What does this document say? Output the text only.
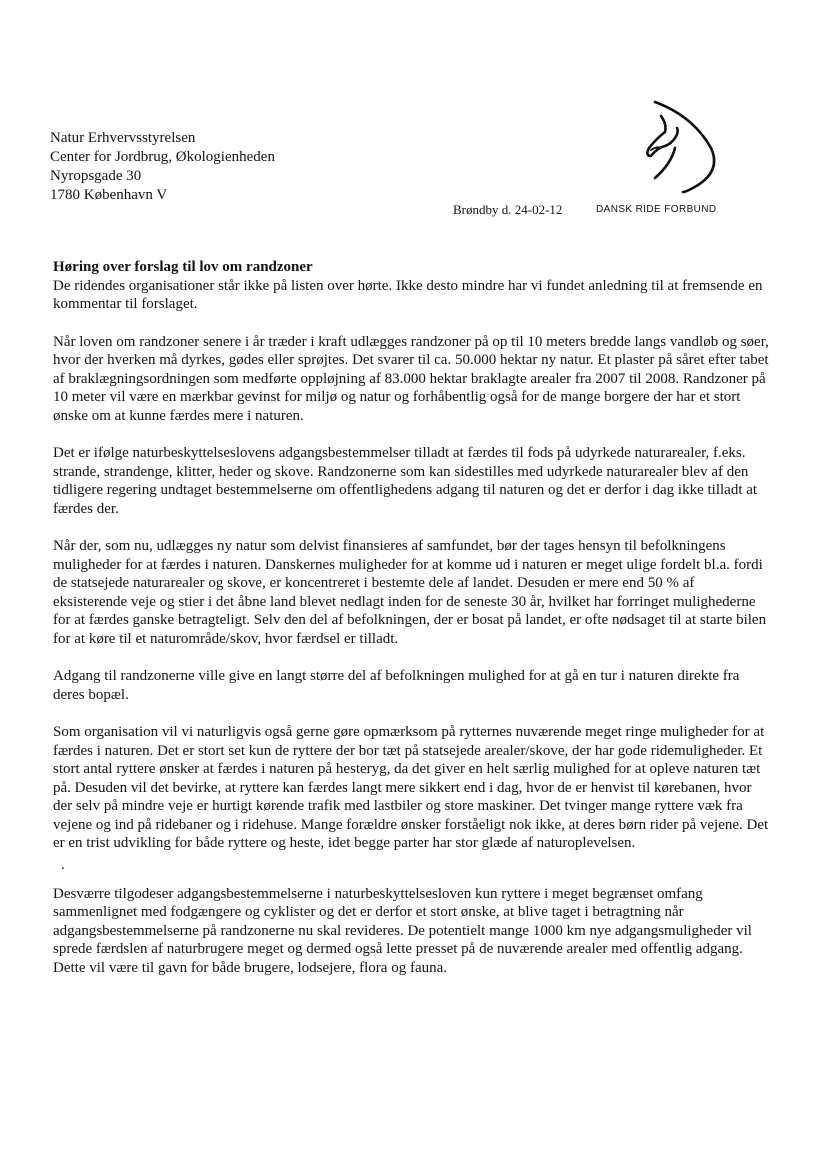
Natur Erhvervsstyrelsen
Center for Jordbrug, Økologienheden
Nyropsgade 30
1780 København V
Brøndby d. 24-02-12	DANSK RIDE FORBUND
Høring over forslag til lov om randzoner

De ridendes organisationer står ikke på listen over hørte. Ikke desto mindre har vi fundet anledning til at fremsende en kommentar til forslaget.

Når loven om randzoner senere i år træder i kraft udlægges randzoner på op til 10 meters bredde langs vandløb og søer, hvor der hverken må dyrkes, gødes eller sprøjtes. Det svarer til ca. 50.000 hektar ny natur. Et plaster på såret efter tabet af braklægningsordningen som medførte oppløjning af 83.000 hektar braklagte arealer fra 2007 til 2008. Randzoner på 10 meter vil være en mærkbar gevinst for miljø og natur og forhåbentlig også for de mange borgere der har et stort ønske om at kunne færdes mere i naturen.

Det er ifølge naturbeskyttelseslovens adgangsbestemmelser tilladt at færdes til fods på udyrkede naturarealer, f.eks. strande, strandenge, klitter, heder og skove. Randzonerne som kan sidestilles med udyrkede naturarealer blev af den tidligere regering undtaget bestemmelserne om offentlighedens adgang til naturen og det er derfor i dag ikke tilladt at færdes der.

Når der, som nu, udlægges ny natur som delvist finansieres af samfundet, bør der tages hensyn til befolkningens muligheder for at færdes i naturen. Danskernes muligheder for at komme ud i naturen er meget ulige fordelt bl.a. fordi de statsejede naturarealer og skove, er koncentreret i bestemte dele af landet. Desuden er mere end 50 % af eksisterende veje og stier i det åbne land blevet nedlagt inden for de seneste 30 år, hvilket har forringet mulighederne for at færdes ganske betragteligt. Selv den del af befolkningen, der er bosat på landet, er ofte nødsaget til at starte bilen for at køre til et naturområde/skov, hvor færdsel er tilladt.

Adgang til randzonerne ville give en langt større del af befolkningen mulighed for at gå en tur i naturen direkte fra deres bopæl.

Som organisation vil vi naturligvis også gerne gøre opmærksom på rytternes nuværende meget ringe muligheder for at færdes i naturen. Det er stort set kun de ryttere der bor tæt på statsejede arealer/skove, der har gode ridemuligheder. Et stort antal ryttere ønsker at færdes i naturen på hesteryg, da det giver en helt særlig mulighed for at opleve naturen tæt på. Desuden vil det bevirke, at ryttere kan færdes langt mere sikkert end i dag, hvor de er henvist til kørebanen, hvor der selv på mindre veje er hurtigt kørende trafik med lastbiler og store maskiner. Det tvinger mange ryttere væk fra vejene og ind på ridebaner og i ridehuse. Mange forældre ønsker forståeligt nok ikke, at deres børn rider på vejene. Det er en trist udvikling for både ryttere og heste, idet begge parter har stor glæde af naturoplevelsen.

.

Desværre tilgodeser adgangsbestemmelserne i naturbeskyttelsesloven kun ryttere i meget begrænset omfang sammenlignet med fodgængere og cyklister og det er derfor et stort ønske, at blive taget i betragtning når adgangsbestemmelserne på randzonerne nu skal revideres. De potentielt mange 1000 km nye adgangsmuligheder vil sprede færdslen af naturbrugere meget og dermed også lette presset på de nuværende arealer med offentlig adgang. Dette vil være til gavn for både brugere, lodsejere, flora og fauna.
